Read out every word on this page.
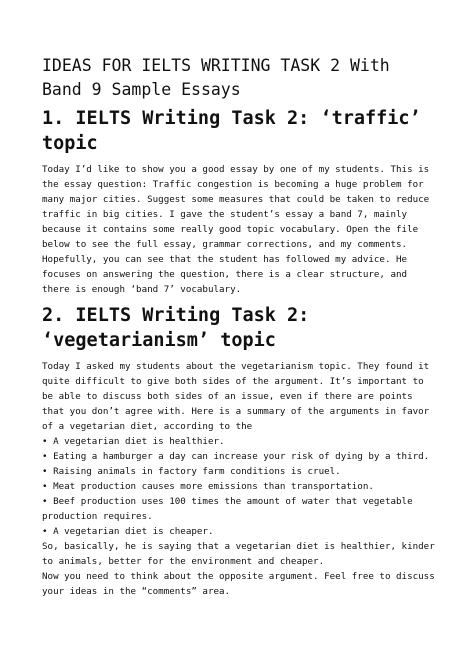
IDEAS FOR IELTS WRITING TASK 2 With Band 9 Sample Essays
1. IELTS Writing Task 2: ‘traffic’ topic

Today I’d like to show you a good essay by one of my students. This is the essay question: Traffic congestion is becoming a huge problem for many major cities. Suggest some measures that could be taken to reduce traffic in big cities. I gave the student’s essay a band 7, mainly because it contains some really good topic vocabulary. Open the file below to see the full essay, grammar corrections, and my comments.

Hopefully, you can see that the student has followed my advice. He focuses on answering the question, there is a clear structure, and there is enough ‘band 7’ vocabulary.

2. IELTS Writing Task 2: ‘vegetarianism’ topic

Today I asked my students about the vegetarianism topic. They found it quite difficult to give both sides of the argument. It’s important to be able to discuss both sides of an issue, even if there are points that you don’t agree with. Here is a summary of the arguments in favor of a vegetarian diet, according to the

• A vegetarian diet is healthier.
• Eating a hamburger a day can increase your risk of dying by a third.
• Raising animals in factory farm conditions is cruel.
• Meat production causes more emissions than transportation.
• Beef production uses 100 times the amount of water that vegetable production requires.
• A vegetarian diet is cheaper.

So, basically, he is saying that a vegetarian diet is healthier, kinder to animals, better for the environment and cheaper.

Now you need to think about the opposite argument. Feel free to discuss your ideas in the “comments” area.
